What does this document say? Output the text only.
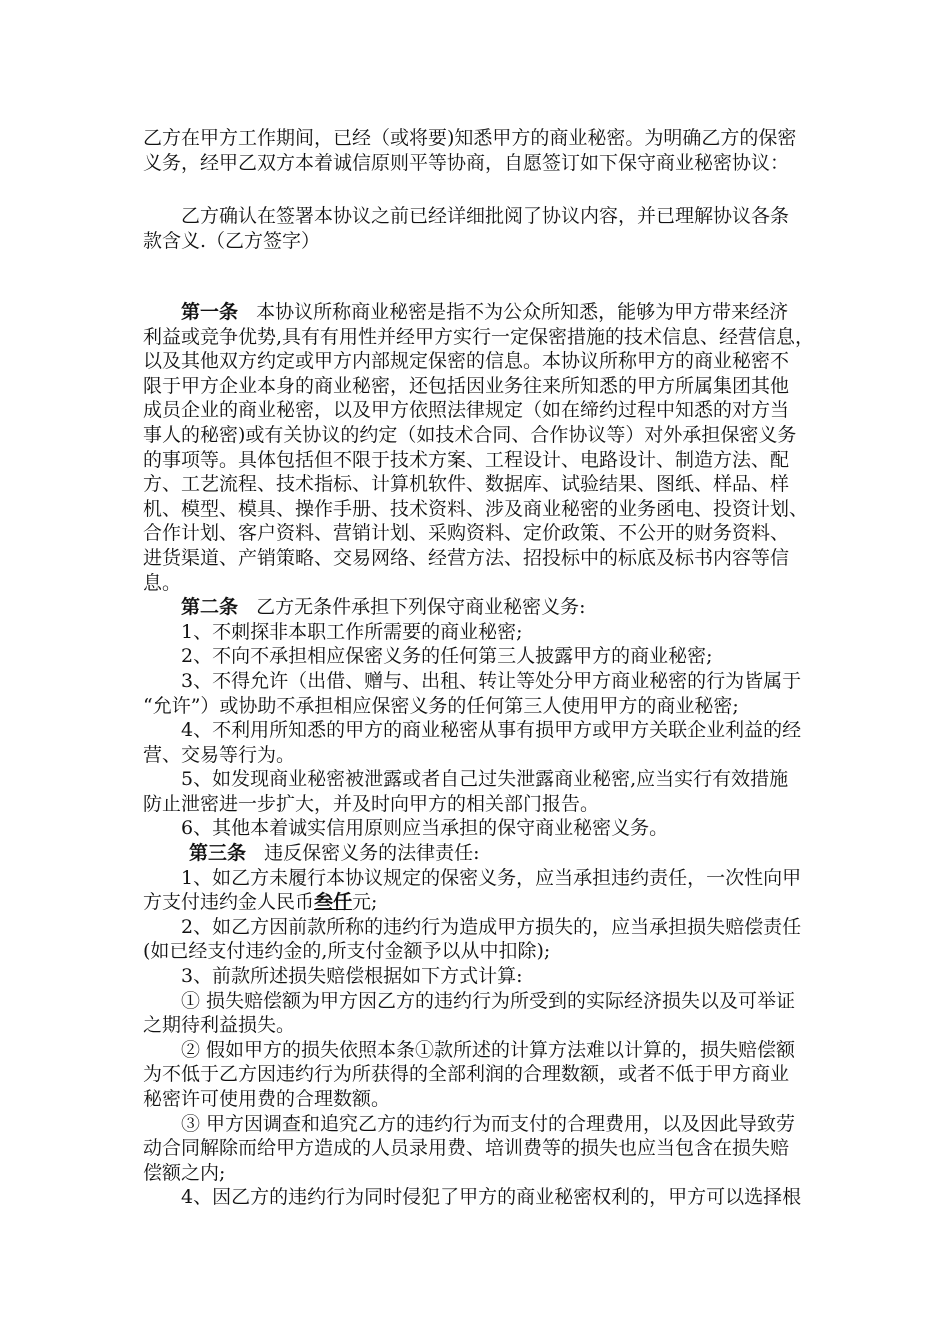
乙方在甲方工作期间，已经（或将要)知悉甲方的商业秘密。为明确乙方的保密
义务，经甲乙双方本着诚信原则平等协商，自愿签订如下保守商业秘密协议：

乙方确认在签署本协议之前已经详细批阅了协议内容，并已理解协议各条
款含义.（乙方签字）

第一条 本协议所称商业秘密是指不为公众所知悉，能够为甲方带来经济
利益或竞争优势,具有有用性并经甲方实行一定保密措施的技术信息、经营信息，
以及其他双方约定或甲方内部规定保密的信息。本协议所称甲方的商业秘密不
限于甲方企业本身的商业秘密，还包括因业务往来所知悉的甲方所属集团其他
成员企业的商业秘密，以及甲方依照法律规定（如在缔约过程中知悉的对方当
事人的秘密)或有关协议的约定（如技术合同、合作协议等）对外承担保密义务
的事项等。具体包括但不限于技术方案、工程设计、电路设计、制造方法、配
方、工艺流程、技术指标、计算机软件、数据库、试验结果、图纸、样品、样
机、模型、模具、操作手册、技术资料、涉及商业秘密的业务函电、投资计划、
合作计划、客户资料、营销计划、采购资料、定价政策、不公开的财务资料、
进货渠道、产销策略、交易网络、经营方法、招投标中的标底及标书内容等信
息。
第二条 乙方无条件承担下列保守商业秘密义务:
1、不刺探非本职工作所需要的商业秘密;
2、不向不承担相应保密义务的任何第三人披露甲方的商业秘密;
3、不得允许（出借、赠与、出租、转让等处分甲方商业秘密的行为皆属于
“允许”）或协助不承担相应保密义务的任何第三人使用甲方的商业秘密;
4、不利用所知悉的甲方的商业秘密从事有损甲方或甲方关联企业利益的经
营、交易等行为。
5、如发现商业秘密被泄露或者自己过失泄露商业秘密,应当实行有效措施
防止泄密进一步扩大，并及时向甲方的相关部门报告。
6、其他本着诚实信用原则应当承担的保守商业秘密义务。
第三条 违反保密义务的法律责任:
1、如乙方未履行本协议规定的保密义务，应当承担违约责任，一次性向甲
方支付违约金人民币叁仟元;
2、如乙方因前款所称的违约行为造成甲方损失的，应当承担损失赔偿责任
(如已经支付违约金的,所支付金额予以从中扣除);
3、前款所述损失赔偿根据如下方式计算:
① 损失赔偿额为甲方因乙方的违约行为所受到的实际经济损失以及可举证
之期待利益损失。
② 假如甲方的损失依照本条①款所述的计算方法难以计算的，损失赔偿额
为不低于乙方因违约行为所获得的全部利润的合理数额，或者不低于甲方商业
秘密许可使用费的合理数额。
③ 甲方因调查和追究乙方的违约行为而支付的合理费用，以及因此导致劳
动合同解除而给甲方造成的人员录用费、培训费等的损失也应当包含在损失赔
偿额之内;
4、因乙方的违约行为同时侵犯了甲方的商业秘密权利的，甲方可以选择根
